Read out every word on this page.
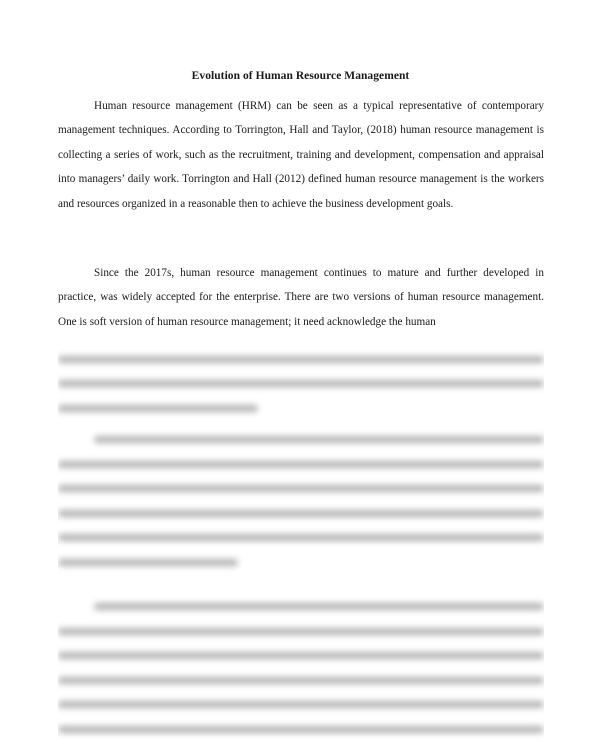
Evolution of Human Resource Management

Human resource management (HRM) can be seen as a typical representative of contemporary management techniques. According to Torrington, Hall and Taylor, (2018) human resource management is collecting a series of work, such as the recruitment, training and development, compensation and appraisal into managers’ daily work. Torrington and Hall (2012) defined human resource management is the workers and resources organized in a reasonable then to achieve the business development goals.

Since the 2017s, human resource management continues to mature and further developed in practice, was widely accepted for the enterprise. There are two versions of human resource management. One is soft version of human resource management; it need acknowledge the human
